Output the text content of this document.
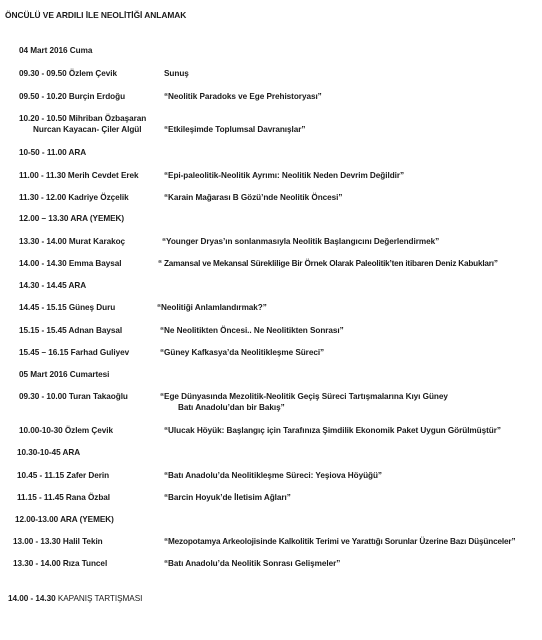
ÖNCÜLÜ VE ARDILI İLE NEOLİTİĞİ ANLAMAK
04 Mart 2016 Cuma
09.30 - 09.50 Özlem Çevik	Sunuş
09.50 - 10.20 Burçin Erdoğu	“Neolitik Paradoks ve Ege Prehistoryası”
10.20 - 10.50 Mihriban Özbaşaran
Nurcan Kayacan- Çiler Algül	“Etkileşimde Toplumsal Davranışlar”
10-50 - 11.00 ARA
11.00 - 11.30 Merih Cevdet Erek	“Epi-paleolitik-Neolitik Ayrımı: Neolitik Neden Devrim Değildir”
11.30 - 12.00 Kadriye Özçelik	“Karain Mağarası B Gözü’nde Neolitik Öncesi”
12.00 – 13.30 ARA (YEMEK)
13.30 - 14.00 Murat Karakoç	“Younger Dryas’ın sonlanmasıyla Neolitik Başlangıcını Değerlendirmek”
14.00 - 14.30 Emma Baysal	“ Zamansal ve Mekansal Süreklilige Bir Örnek Olarak Paleolitik’ten itibaren Deniz Kabukları”
14.30 - 14.45 ARA
14.45 - 15.15 Güneş Duru	“Neolitiği Anlamlandırmak?”
15.15 - 15.45 Adnan Baysal	“Ne Neolitikten Öncesi.. Ne Neolitikten Sonrası”
15.45 – 16.15 Farhad Guliyev	“Güney Kafkasya’da Neolitikleşme Süreci”
05 Mart 2016 Cumartesi
09.30 - 10.00 Turan Takaoğlu	“Ege Dünyasında Mezolitik-Neolitik Geçiş Süreci Tartışmalarına Kıyı Güney
Batı Anadolu’dan bir Bakış”
10.00-10-30 Özlem Çevik	“Ulucak Höyük: Başlangıç için Tarafınıza Şimdilik Ekonomik Paket Uygun Görülmüştür”
10.30-10-45 ARA
10.45 - 11.15 Zafer Derin	“Batı Anadolu’da Neolitikleşme Süreci: Yeşiova Höyüğü”
11.15 - 11.45 Rana Özbal	“Barcin Hoyuk’de İletisim Ağları”
12.00-13.00 ARA (YEMEK)
13.00 - 13.30 Halil Tekin	“Mezopotamya Arkeolojisinde Kalkolitik Terimi ve Yarattığı Sorunlar Üzerine Bazı Düşünceler”
13.30 - 14.00 Rıza Tuncel	“Batı Anadolu’da Neolitik Sonrası Gelişmeler”
14.00 - 14.30 KAPANIŞ TARTIŞMASI
